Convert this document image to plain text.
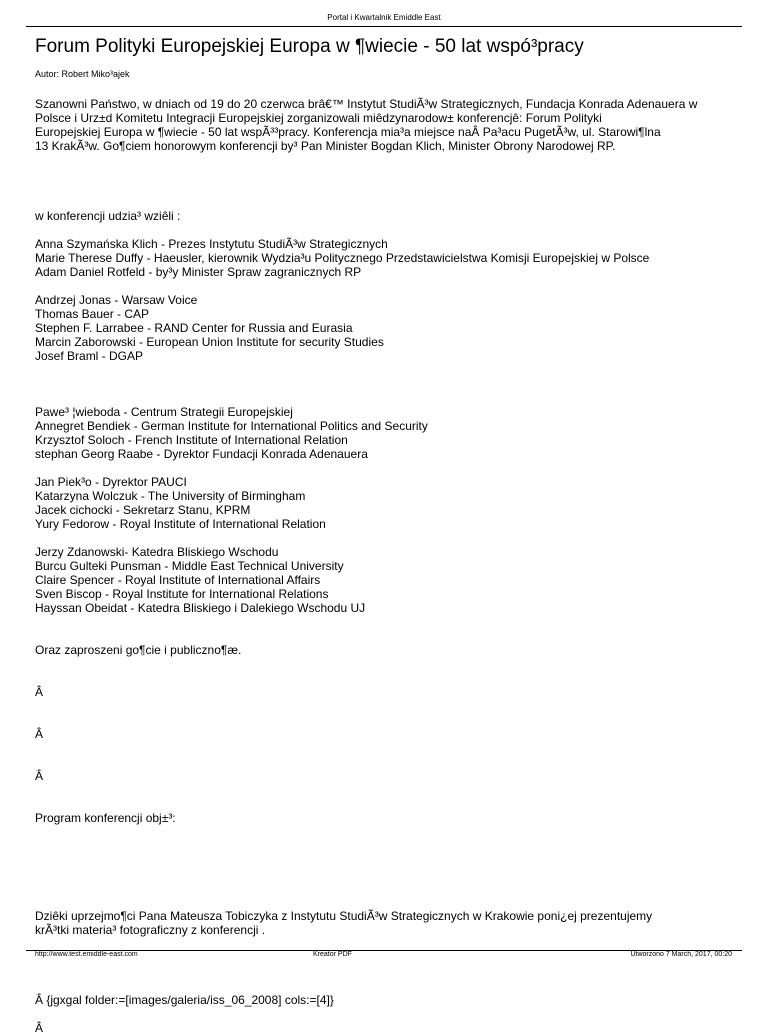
Portal i Kwartalnik Emiddle East
Forum Polityki Europejskiej Europa w ¶wiecie - 50 lat wspó³pracy
Autor: Robert Miko³ajek

Szanowni Państwo, w dniach od 19 do 20 czerwca brâ€™ Instytut StudiÃ³w Strategicznych, Fundacja Konrada Adenauera w
Polsce i Urz±d Komitetu Integracji Europejskiej zorganizowali miêdzynarodow± konferencjê: Forum Polityki
Europejskiej Europa w ¶wiecie - 50 lat wspÃ³³pracy. Konferencja mia³a miejsce naÂ Pa³acu PugetÃ³w, ul. Starowi¶lna
13 KrakÃ³w. Go¶ciem honorowym konferencji by³ Pan Minister Bogdan Klich, Minister Obrony Narodowej RP.

w konferencji udzia³ wziêli :

Anna Szymańska Klich - Prezes Instytutu StudiÃ³w Strategicznych
Marie Therese Duffy - Haeusler, kierownik Wydzia³u Politycznego Przedstawicielstwa Komisji Europejskiej w Polsce
Adam Daniel Rotfeld - by³y Minister Spraw zagranicznych RP

Andrzej Jonas - Warsaw Voice
Thomas Bauer - CAP
Stephen F. Larrabee - RAND Center for Russia and Eurasia
Marcin Zaborowski - European Union Institute for security Studies
Josef Braml - DGAP

Pawe³ ¦wieboda - Centrum Strategii Europejskiej
Annegret Bendiek - German Institute for International Politics and Security
Krzysztof Soloch - French Institute of International Relation
stephan Georg Raabe - Dyrektor Fundacji Konrada Adenauera

Jan Piek³o - Dyrektor PAUCI
Katarzyna Wolczuk - The University of Birmingham
Jacek cichocki - Sekretarz Stanu, KPRM
Yury Fedorow - Royal Institute of International Relation

Jerzy Zdanowski- Katedra Bliskiego Wschodu
Burcu Gulteki Punsman - Middle East Technical University
Claire Spencer - Royal Institute of International Affairs
Sven Biscop - Royal Institute for International Relations
Hayssan Obeidat - Katedra Bliskiego i Dalekiego Wschodu UJ

Oraz zaproszeni go¶cie i publiczno¶æ.

Â

Â

Â

Program konferencji obj±³:

Dziêki uprzejmo¶ci Pana Mateusza Tobiczyka z Instytutu StudiÃ³w Strategicznych w Krakowie poni¿ej prezentujemy
krÃ³tki materia³ fotograficzny z konferencji .

Â {jgxgal folder:=[images/galeria/iss_06_2008] cols:=[4]}

Â

http://www.test.emiddle-east.com	Kreator PDF	Utworzono 7 March, 2017, 00:20
